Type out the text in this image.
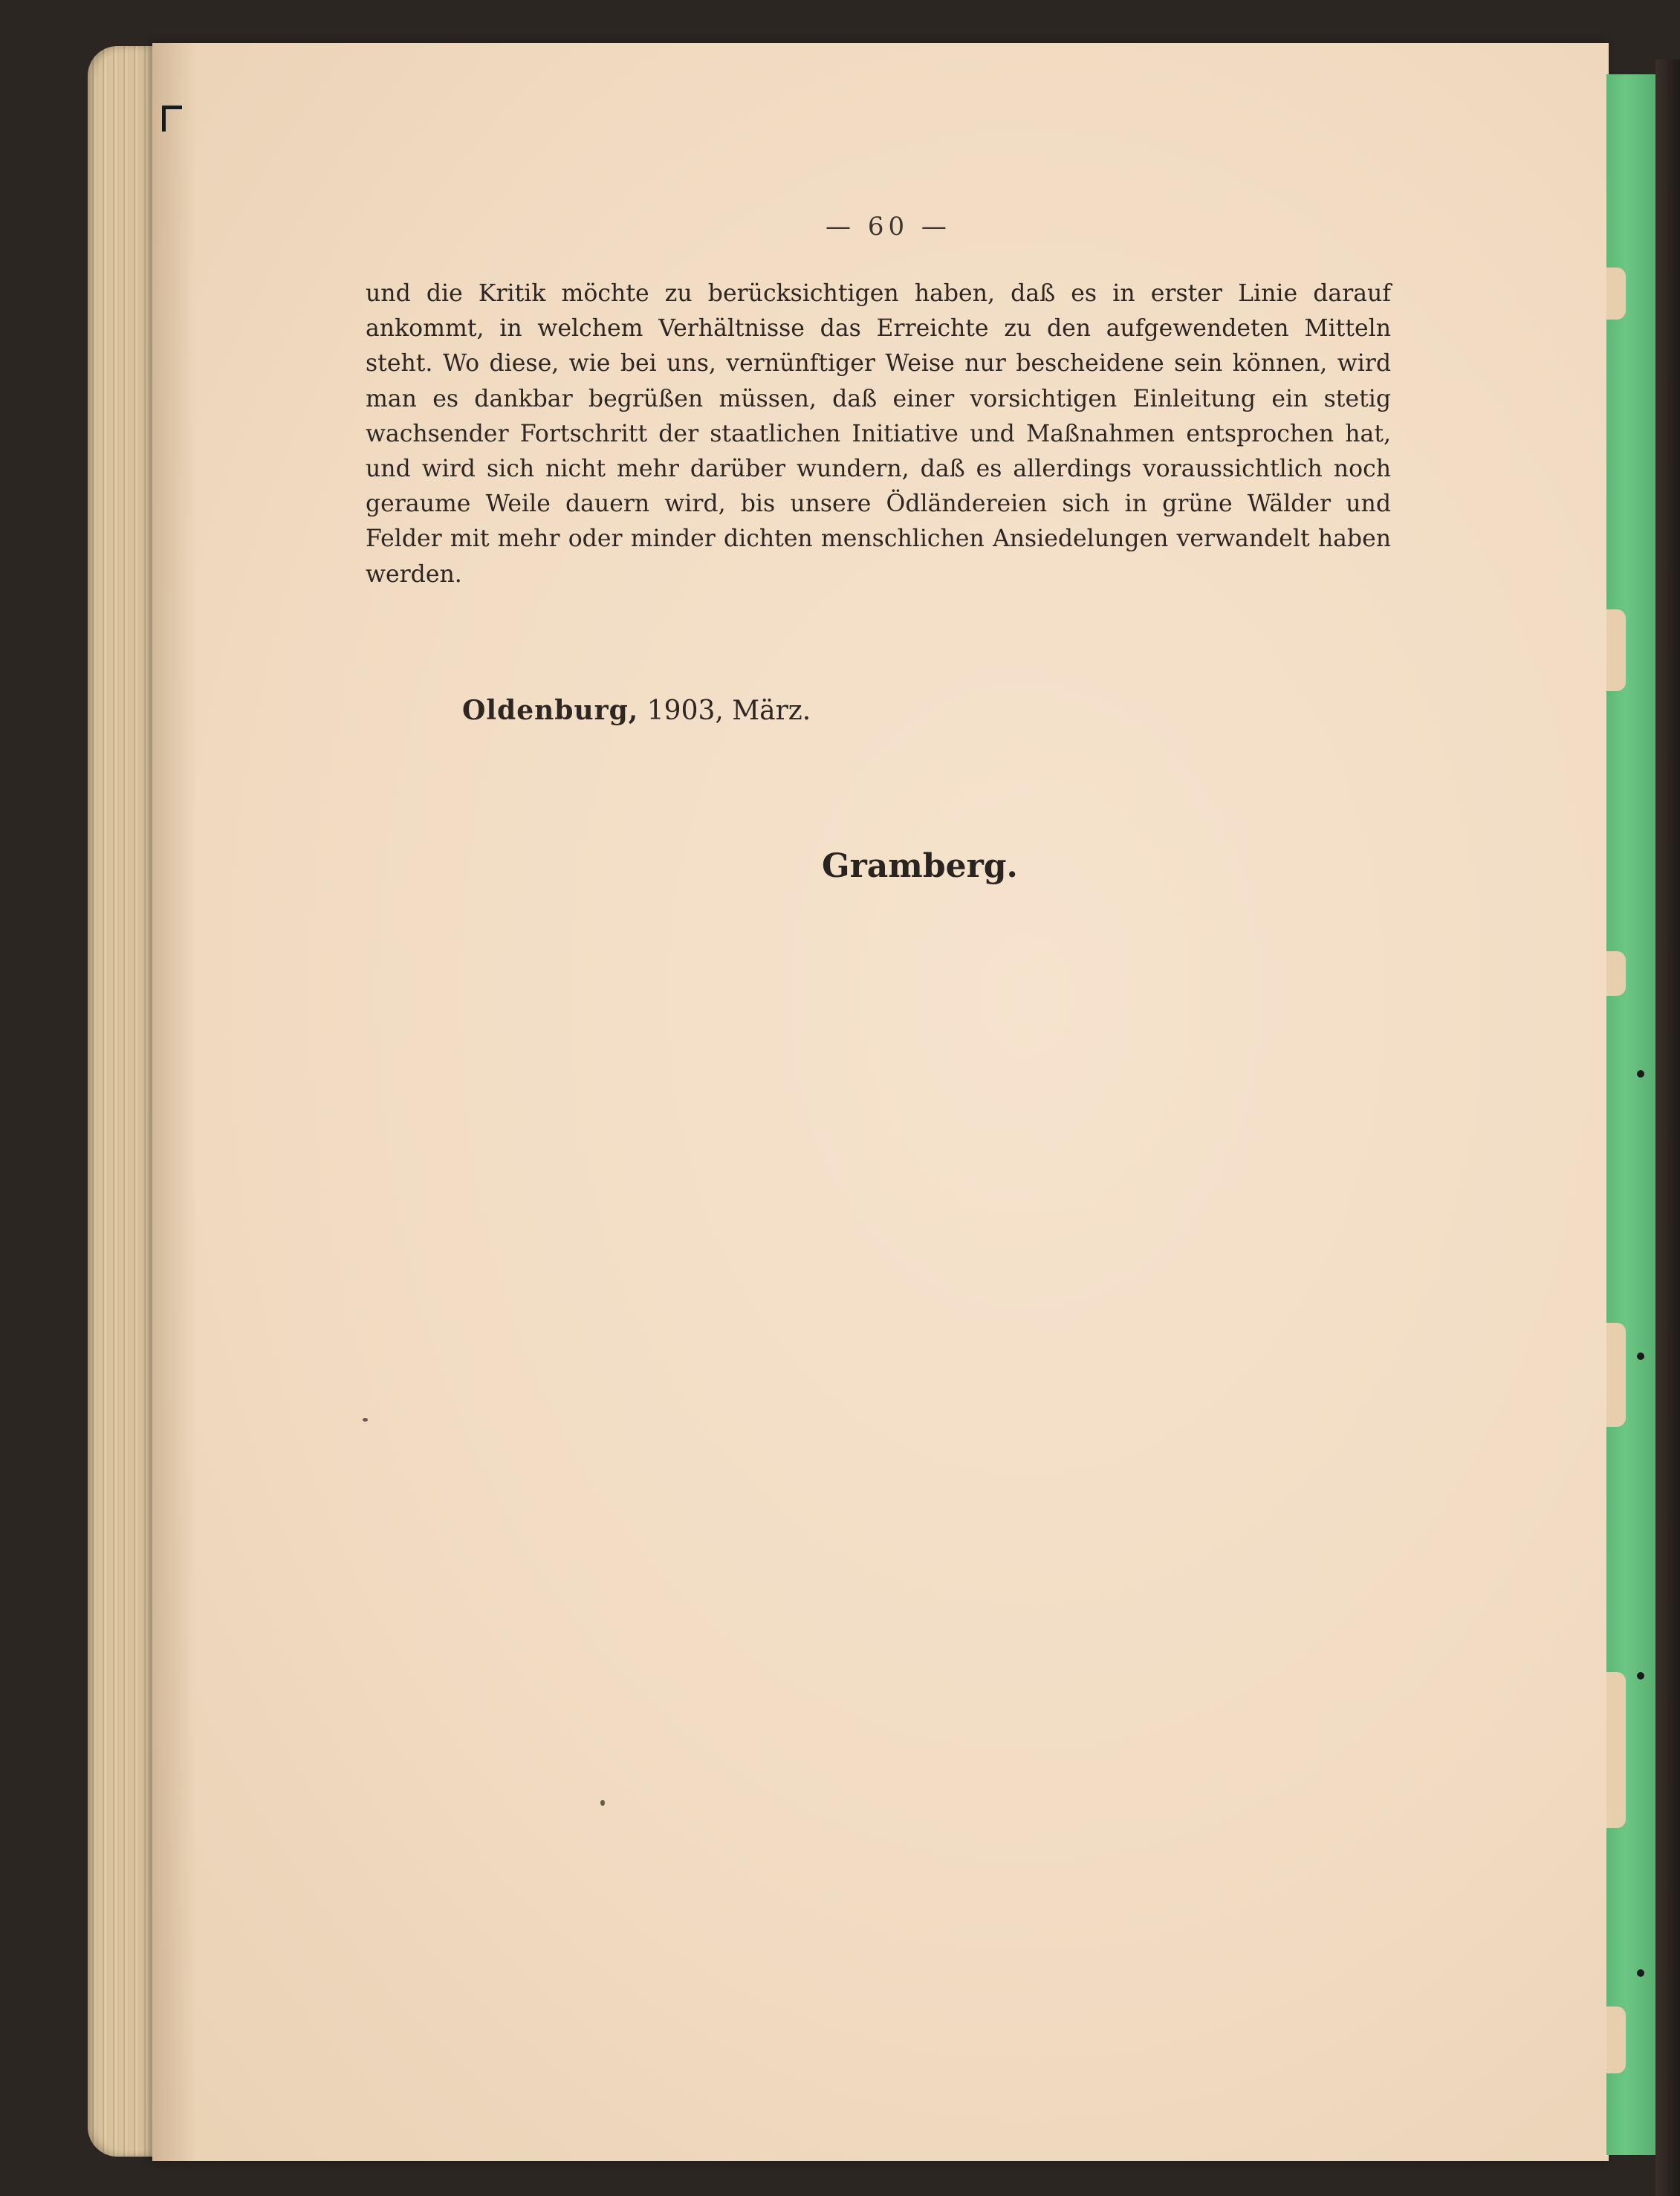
— 60 —

und die Kritik möchte zu berücksichtigen haben, daß es in erster Linie darauf ankommt, in welchem Verhältnisse das Erreichte zu den aufgewendeten Mitteln steht. Wo diese, wie bei uns, vernünftiger Weise nur bescheidene sein können, wird man es dankbar begrüßen müssen, daß einer vorsichtigen Einleitung ein stetig wachsender Fortschritt der staatlichen Initiative und Maßnahmen entsprochen hat, und wird sich nicht mehr darüber wundern, daß es allerdings voraussichtlich noch geraume Weile dauern wird, bis unsere Ödländereien sich in grüne Wälder und Felder mit mehr oder minder dichten menschlichen Ansiedelungen verwandelt haben werden.

Oldenburg, 1903, März.
Gramberg.
